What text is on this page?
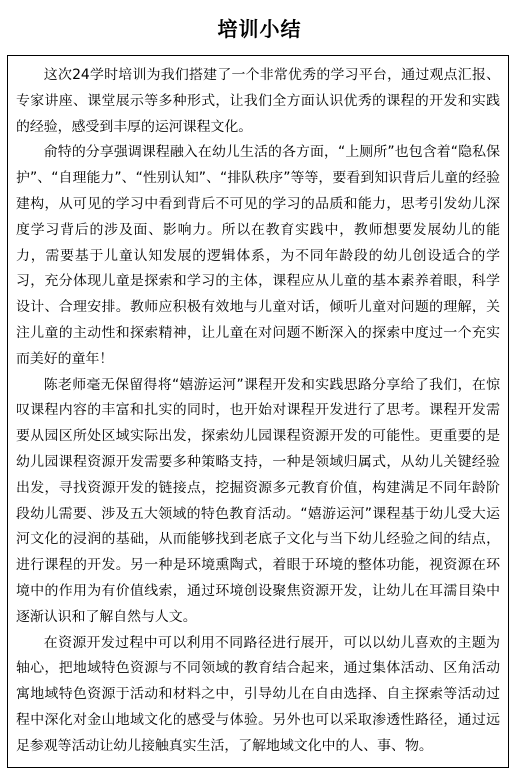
培训小结

这次24学时培训为我们搭建了一个非常优秀的学习平台，通过观点汇报、专家讲座、课堂展示等多种形式，让我们全方面认识优秀的课程的开发和实践的经验，感受到丰厚的运河课程文化。

俞特的分享强调课程融入在幼儿生活的各方面，“上厕所”也包含着“隐私保护”、“自理能力”、“性别认知”、“排队秩序”等等，要看到知识背后儿童的经验建构，从可见的学习中看到背后不可见的学习的品质和能力，思考引发幼儿深度学习背后的涉及面、影响力。所以在教育实践中，教师想要发展幼儿的能力，需要基于儿童认知发展的逻辑体系，为不同年龄段的幼儿创设适合的学习，充分体现儿童是探索和学习的主体，课程应从儿童的基本素养着眼，科学设计、合理安排。教师应积极有效地与儿童对话，倾听儿童对问题的理解，关注儿童的主动性和探索精神，让儿童在对问题不断深入的探索中度过一个充实而美好的童年！

陈老师毫无保留得将“嬉游运河”课程开发和实践思路分享给了我们，在惊叹课程内容的丰富和扎实的同时，也开始对课程开发进行了思考。课程开发需要从园区所处区域实际出发，探索幼儿园课程资源开发的可能性。更重要的是幼儿园课程资源开发需要多种策略支持，一种是领域归属式，从幼儿关键经验出发，寻找资源开发的链接点，挖掘资源多元教育价值，构建满足不同年龄阶段幼儿需要、涉及五大领域的特色教育活动。“嬉游运河”课程基于幼儿受大运河文化的浸润的基础，从而能够找到老底子文化与当下幼儿经验之间的结点，进行课程的开发。另一种是环境熏陶式，着眼于环境的整体功能，视资源在环境中的作用为有价值线索，通过环境创设聚焦资源开发，让幼儿在耳濡目染中逐渐认识和了解自然与人文。

在资源开发过程中可以利用不同路径进行展开，可以以幼儿喜欢的主题为轴心，把地域特色资源与不同领域的教育结合起来，通过集体活动、区角活动寓地域特色资源于活动和材料之中，引导幼儿在自由选择、自主探索等活动过程中深化对金山地域文化的感受与体验。另外也可以采取渗透性路径，通过远足参观等活动让幼儿接触真实生活，了解地域文化中的人、事、物。
